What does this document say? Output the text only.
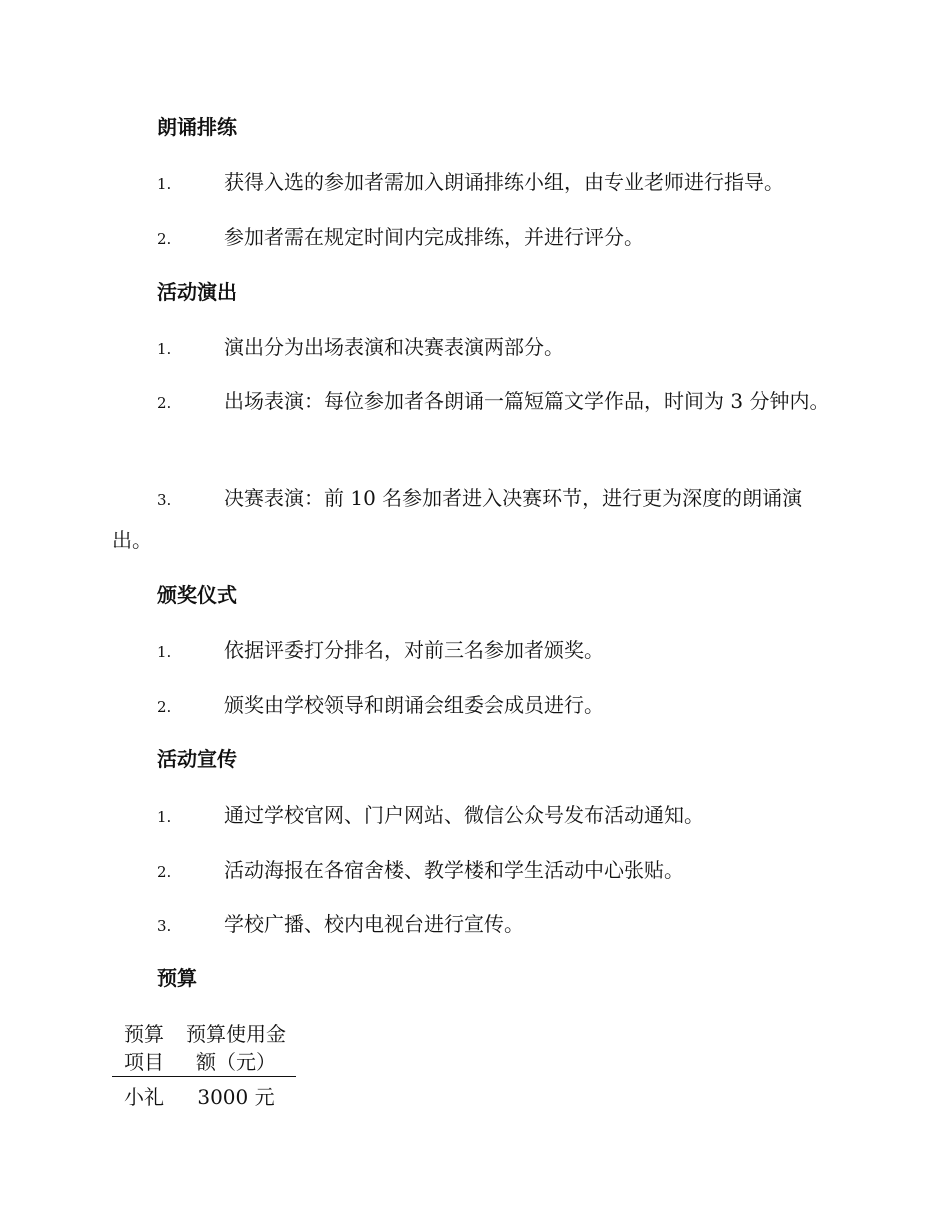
朗诵排练
1.	获得入选的参加者需加入朗诵排练小组，由专业老师进行指导。
2.	参加者需在规定时间内完成排练，并进行评分。
活动演出
1.	演出分为出场表演和决赛表演两部分。
2.	出场表演：每位参加者各朗诵一篇短篇文学作品，时间为 3 分钟内。
3.	决赛表演：前 10 名参加者进入决赛环节，进行更为深度的朗诵演出。
颁奖仪式
1.	依据评委打分排名，对前三名参加者颁奖。
2.	颁奖由学校领导和朗诵会组委会成员进行。
活动宣传
1.	通过学校官网、门户网站、微信公众号发布活动通知。
2.	活动海报在各宿舍楼、教学楼和学生活动中心张贴。
3.	学校广播、校内电视台进行宣传。
预算
预算项目	预算使用金额（元）
小礼	3000 元
